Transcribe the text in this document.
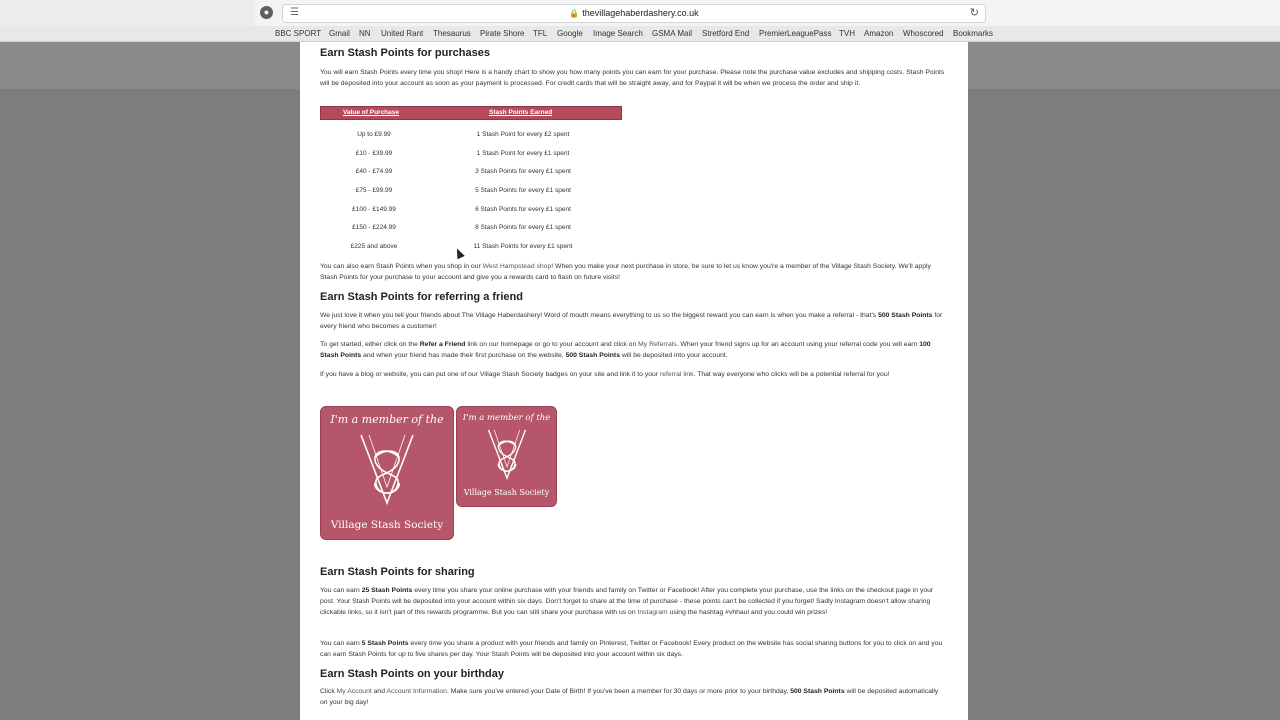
●	☰	🔒 thevillagehaberdashery.co.uk	↻
BBC SPORT Gmail NN United Rant Thesaurus Pirate Shore TFL Google Image Search GSMA Mail Stretford End PremierLeaguePass TVH Amazon Whoscored Bookmarks
Earn Stash Points for purchases

You will earn Stash Points every time you shop! Here is a handy chart to show you how many points you can earn for your purchase. Please note the purchase value excludes and shipping costs. Stash Points will be deposited into your account as soon as your payment is processed. For credit cards that will be straight away, and for Paypal it will be when we process the order and ship it.

Value of Purchase	Stash Points Earned
Up to £9.99	1 Stash Point for every £2 spent
£10 - £39.99	1 Stash Point for every £1 spent
£40 - £74.99	3 Stash Points for every £1 spent
£75 - £99.99	5 Stash Points for every £1 spent
£100 - £149.99	6 Stash Points for every £1 spent
£150 - £224.99	8 Stash Points for every £1 spent
£225 and above	11 Stash Points for every £1 spent

You can also earn Stash Points when you shop in our West Hampstead shop! When you make your next purchase in store, be sure to let us know you're a member of the Village Stash Society. We'll apply Stash Points for your purchase to your account and give you a rewards card to flash on future visits!

Earn Stash Points for referring a friend

We just love it when you tell your friends about The Village Haberdashery! Word of mouth means everything to us so the biggest reward you can earn is when you make a referral - that's 500 Stash Points for every friend who becomes a customer!

To get started, either click on the Refer a Friend link on our homepage or go to your account and click on My Referrals. When your friend signs up for an account using your referral code you will earn 100 Stash Points and when your friend has made their first purchase on the website, 500 Stash Points will be deposited into your account.

If you have a blog or website, you can put one of our Village Stash Society badges on your site and link it to your referral link. That way everyone who clicks will be a potential referral for you!

I'm a member of the
Village Stash Society
I'm a member of the
Village Stash Society
Earn Stash Points for sharing

You can earn 25 Stash Points every time you share your online purchase with your friends and family on Twitter or Facebook! After you complete your purchase, use the links on the checkout page in your post. Your Stash Points will be deposited into your account within six days. Don't forget to share at the time of purchase - these points can't be collected if you forget! Sadly Instagram doesn't allow sharing clickable links, so it isn't part of this rewards programme. But you can still share your purchase with us on Instagram using the hashtag #vhhaul and you could win prizes!

You can earn 5 Stash Points every time you share a product with your friends and family on Pinterest, Twitter or Facebook! Every product on the website has social sharing buttons for you to click on and you can earn Stash Points for up to five shares per day. Your Stash Points will be deposited into your account within six days.

Earn Stash Points on your birthday

Click My Account and Account Information. Make sure you've entered your Date of Birth! If you've been a member for 30 days or more prior to your birthday, 500 Stash Points will be deposited automatically on your big day!
